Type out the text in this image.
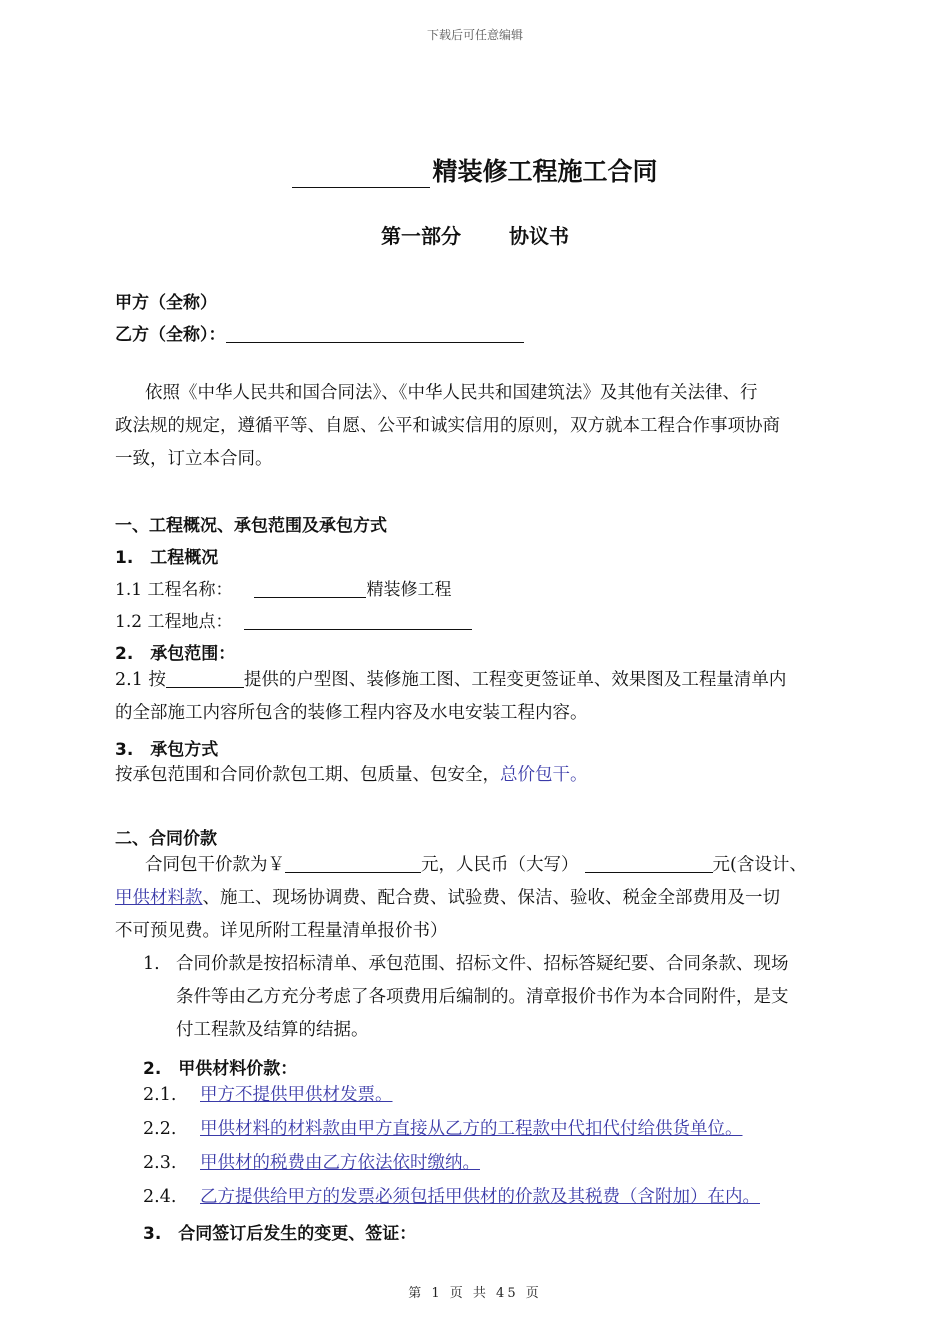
下载后可任意编辑
精装修工程施工合同
第一部分 协议书
甲方（全称）
乙方（全称）：
依照《中华人民共和国合同法》、《中华人民共和国建筑法》及其他有关法律、行
政法规的规定，遵循平等、自愿、公平和诚实信用的原则，双方就本工程合作事项协商
一致，订立本合同。
一、工程概况、承包范围及承包方式
1.　工程概况
1.1 工程名称：	精装修工程
1.2 工程地点：
2.　承包范围：
2.1 按	提供的户型图、装修施工图、工程变更签证单、效果图及工程量清单内
的全部施工内容所包含的装修工程内容及水电安装工程内容。
3.　承包方式
按承包范围和合同价款包工期、包质量、包安全，总价包干。
二、合同价款
合同包干价款为￥	元，人民币（大写）	元(含设计、
甲供材料款、施工、现场协调费、配合费、试验费、保洁、验收、税金全部费用及一切
不可预见费。详见所附工程量清单报价书）
1. 合同价款是按招标清单、承包范围、招标文件、招标答疑纪要、合同条款、现场
条件等由乙方充分考虑了各项费用后编制的。清章报价书作为本合同附件，是支
付工程款及结算的结据。
2.　甲供材料价款：
2.1. 甲方不提供甲供材发票。
2.2. 甲供材料的材料款由甲方直接从乙方的工程款中代扣代付给供货单位。
2.3. 甲供材的税费由乙方依法依时缴纳。
2.4. 乙方提供给甲方的发票必须包括甲供材的价款及其税费（含附加）在内。
3.　合同签订后发生的变更、签证：
第 1 页 共 45 页
